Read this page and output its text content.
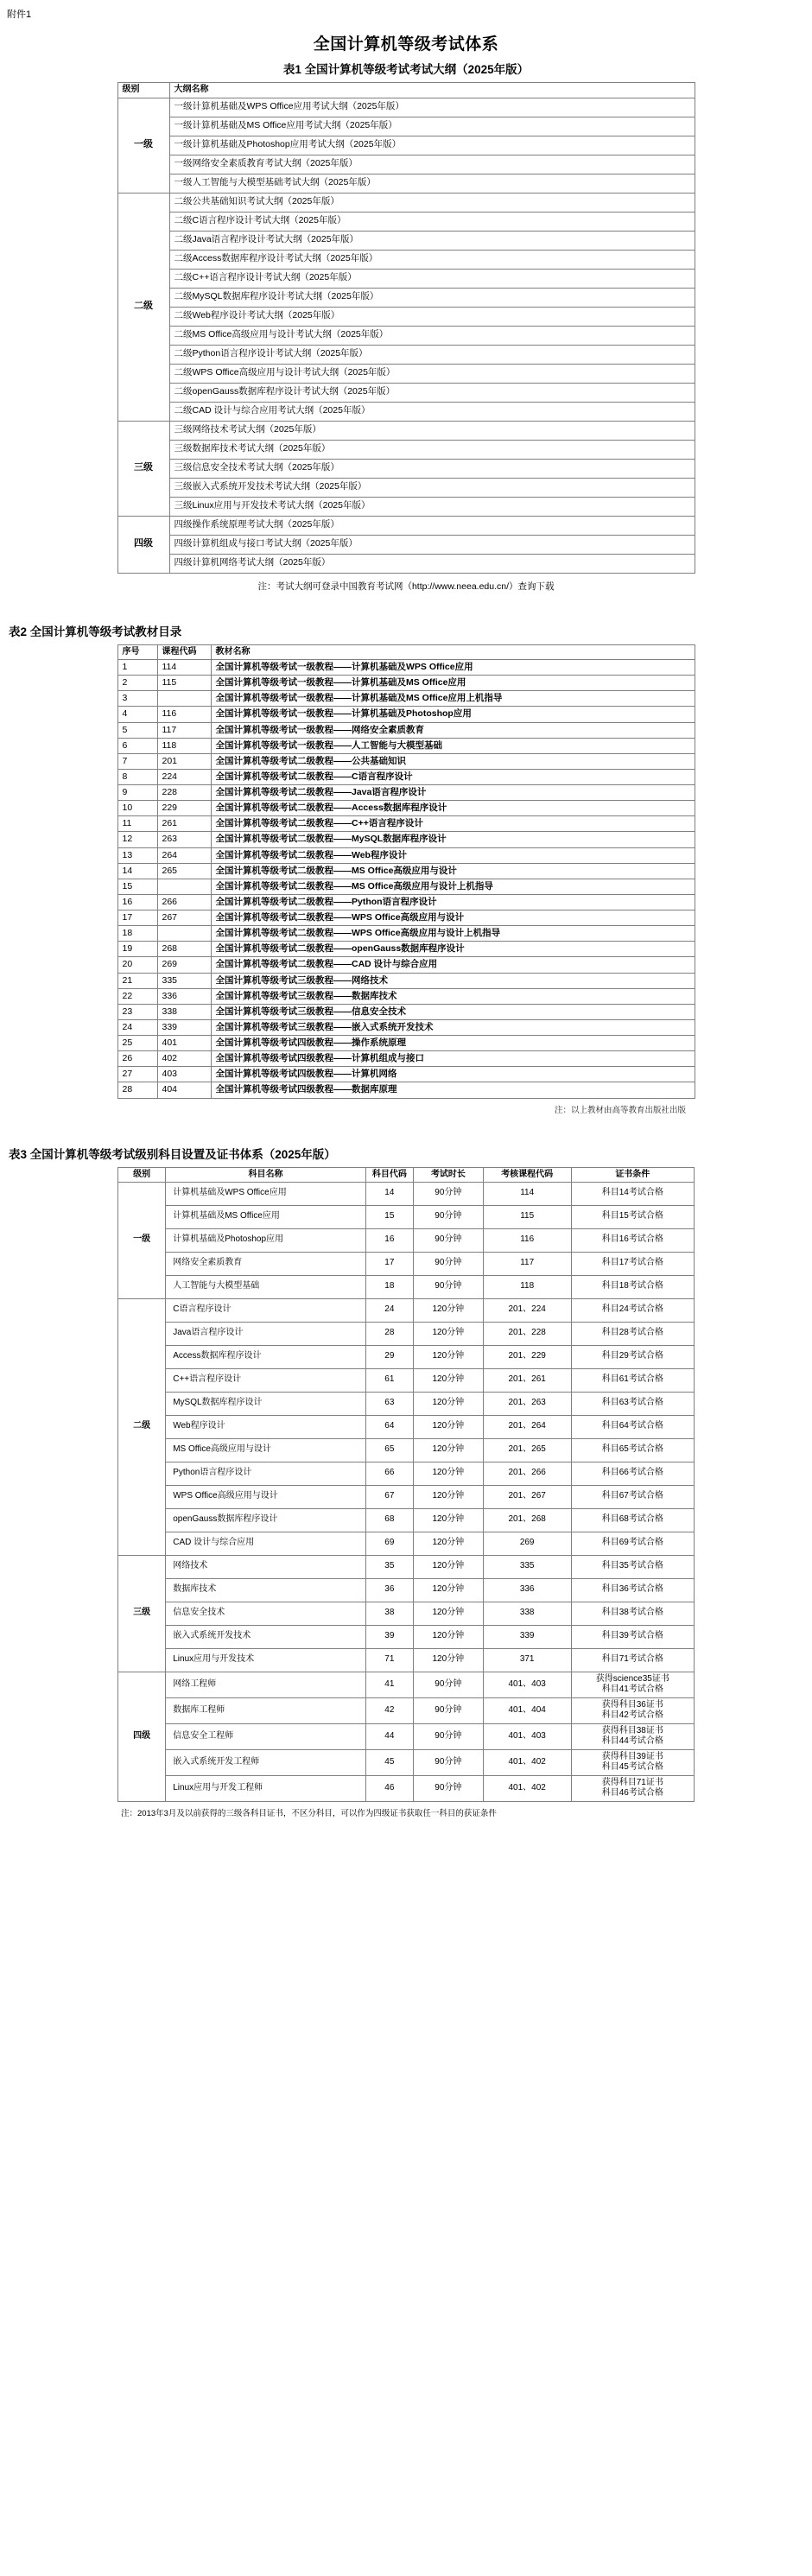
附件1
全国计算机等级考试体系
表1 全国计算机等级考试考试大纲（2025年版）
级别	大纲名称
一级	一级计算机基础及WPS Office应用考试大纲（2025年版）
	一级计算机基础及MS Office应用考试大纲（2025年版）
	一级计算机基础及Photoshop应用考试大纲（2025年版）
	一级网络安全素质教育考试大纲（2025年版）
	一级人工智能与大模型基础考试大纲（2025年版）
二级	二级公共基础知识考试大纲（2025年版）
	二级C语言程序设计考试大纲（2025年版）
	二级Java语言程序设计考试大纲（2025年版）
	二级Access数据库程序设计考试大纲（2025年版）
	二级C++语言程序设计考试大纲（2025年版）
	二级MySQL数据库程序设计考试大纲（2025年版）
	二级Web程序设计考试大纲（2025年版）
	二级MS Office高级应用与设计考试大纲（2025年版）
	二级Python语言程序设计考试大纲（2025年版）
	二级WPS Office高级应用与设计考试大纲（2025年版）
	二级openGauss数据库程序设计考试大纲（2025年版）
	二级CAD 设计与综合应用考试大纲（2025年版）
三级	三级网络技术考试大纲（2025年版）
	三级数据库技术考试大纲（2025年版）
	三级信息安全技术考试大纲（2025年版）
	三级嵌入式系统开发技术考试大纲（2025年版）
	三级Linux应用与开发技术考试大纲（2025年版）
四级	四级操作系统原理考试大纲（2025年版）
	四级计算机组成与接口考试大纲（2025年版）
	四级计算机网络考试大纲（2025年版）
注：考试大纲可登录中国教育考试网（http://www.neea.edu.cn/）查询下载
表2 全国计算机等级考试教材目录
序号	课程代码	教材名称
1	114	全国计算机等级考试一级教程——计算机基础及WPS Office应用
2	115	全国计算机等级考试一级教程——计算机基础及MS Office应用
3		全国计算机等级考试一级教程——计算机基础及MS Office应用上机指导
4	116	全国计算机等级考试一级教程——计算机基础及Photoshop应用
5	117	全国计算机等级考试一级教程——网络安全素质教育
6	118	全国计算机等级考试一级教程——人工智能与大模型基础
7	201	全国计算机等级考试二级教程——公共基础知识
8	224	全国计算机等级考试二级教程——C语言程序设计
9	228	全国计算机等级考试二级教程——Java语言程序设计
10	229	全国计算机等级考试二级教程——Access数据库程序设计
11	261	全国计算机等级考试二级教程——C++语言程序设计
12	263	全国计算机等级考试二级教程——MySQL数据库程序设计
13	264	全国计算机等级考试二级教程——Web程序设计
14	265	全国计算机等级考试二级教程——MS Office高级应用与设计
15		全国计算机等级考试二级教程——MS Office高级应用与设计上机指导
16	266	全国计算机等级考试二级教程——Python语言程序设计
17	267	全国计算机等级考试二级教程——WPS Office高级应用与设计
18		全国计算机等级考试二级教程——WPS Office高级应用与设计上机指导
19	268	全国计算机等级考试二级教程——openGauss数据库程序设计
20	269	全国计算机等级考试二级教程——CAD 设计与综合应用
21	335	全国计算机等级考试三级教程——网络技术
22	336	全国计算机等级考试三级教程——数据库技术
23	338	全国计算机等级考试三级教程——信息安全技术
24	339	全国计算机等级考试三级教程——嵌入式系统开发技术
25	401	全国计算机等级考试四级教程——操作系统原理
26	402	全国计算机等级考试四级教程——计算机组成与接口
27	403	全国计算机等级考试四级教程——计算机网络
28	404	全国计算机等级考试四级教程——数据库原理
注：以上教材由高等教育出版社出版
表3 全国计算机等级考试级别科目设置及证书体系（2025年版）
级别	科目名称	科目代码	考试时长	考核课程代码	证书条件
一级	计算机基础及WPS Office应用	14	90分钟	114	科目14考试合格
	计算机基础及MS Office应用	15	90分钟	115	科目15考试合格
	计算机基础及Photoshop应用	16	90分钟	116	科目16考试合格
	网络安全素质教育	17	90分钟	117	科目17考试合格
	人工智能与大模型基础	18	90分钟	118	科目18考试合格
二级	C语言程序设计	24	120分钟	201、224	科目24考试合格
	Java语言程序设计	28	120分钟	201、228	科目28考试合格
	Access数据库程序设计	29	120分钟	201、229	科目29考试合格
	C++语言程序设计	61	120分钟	201、261	科目61考试合格
	MySQL数据库程序设计	63	120分钟	201、263	科目63考试合格
	Web程序设计	64	120分钟	201、264	科目64考试合格
	MS Office高级应用与设计	65	120分钟	201、265	科目65考试合格
	Python语言程序设计	66	120分钟	201、266	科目66考试合格
	WPS Office高级应用与设计	67	120分钟	201、267	科目67考试合格
	openGauss数据库程序设计	68	120分钟	201、268	科目68考试合格
	CAD 设计与综合应用	69	120分钟	269	科目69考试合格
三级	网络技术	35	120分钟	335	科目35考试合格
	数据库技术	36	120分钟	336	科目36考试合格
	信息安全技术	38	120分钟	338	科目38考试合格
	嵌入式系统开发技术	39	120分钟	339	科目39考试合格
	Linux应用与开发技术	71	120分钟	371	科目71考试合格
四级	网络工程师	41	90分钟	401、403	获得science35证书
科目41考试合格
	数据库工程师	42	90分钟	401、404	获得科目36证书
科目42考试合格
	信息安全工程师	44	90分钟	401、403	获得科目38证书
科目44考试合格
	嵌入式系统开发工程师	45	90分钟	401、402	获得科目39证书
科目45考试合格
	Linux应用与开发工程师	46	90分钟	401、402	获得科目71证书
科目46考试合格
注：2013年3月及以前获得的三级各科目证书，不区分科目，可以作为四级证书获取任一科目的获证条件
